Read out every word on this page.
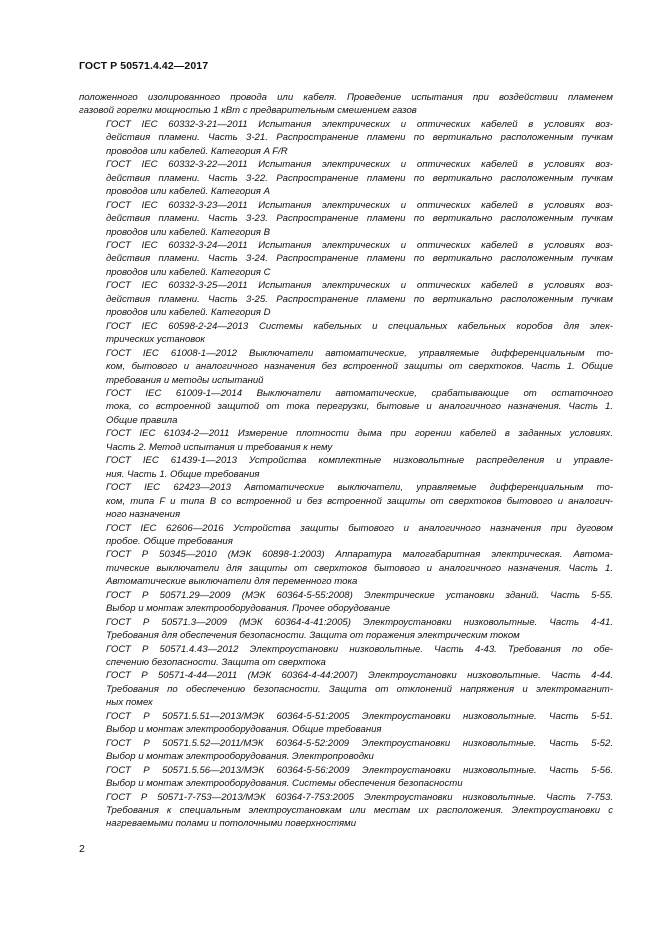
ГОСТ Р 50571.4.42—2017
положенного изолированного провода или кабеля. Проведение испытания при воздействии пламенем
газовой горелки мощностью 1 кВт с предварительным смешением газов
ГОСТ IEC 60332-3-21—2011 Испытания электрических и оптических кабелей в условиях воз-
действия пламени. Часть 3-21. Распространение пламени по вертикально расположенным пучкам
проводов или кабелей. Категория A F/R
ГОСТ IEC 60332-3-22—2011 Испытания электрических и оптических кабелей в условиях воз-
действия пламени. Часть 3-22. Распространение пламени по вертикально расположенным пучкам
проводов или кабелей. Категория А
ГОСТ IEC 60332-3-23—2011 Испытания электрических и оптических кабелей в условиях воз-
действия пламени. Часть 3-23. Распространение пламени по вертикально расположенным пучкам
проводов или кабелей. Категория В
ГОСТ IEC 60332-3-24—2011 Испытания электрических и оптических кабелей в условиях воз-
действия пламени. Часть 3-24. Распространение пламени по вертикально расположенным пучкам
проводов или кабелей. Категория С
ГОСТ IEC 60332-3-25—2011 Испытания электрических и оптических кабелей в условиях воз-
действия пламени. Часть 3-25. Распространение пламени по вертикально расположенным пучкам
проводов или кабелей. Категория D
ГОСТ IEC 60598-2-24—2013 Системы кабельных и специальных кабельных коробов для элек-
трических установок
ГОСТ IEC 61008-1—2012 Выключатели автоматические, управляемые дифференциальным то-
ком, бытового и аналогичного назначения без встроенной защиты от сверхтоков. Часть 1. Общие
требования и методы испытаний
ГОСТ IEC 61009-1—2014 Выключатели автоматические, срабатывающие от остаточного
тока, со встроенной защитой от тока перегрузки, бытовые и аналогичного назначения. Часть 1.
Общие правила
ГОСТ IEC 61034-2—2011 Измерение плотности дыма при горении кабелей в заданных условиях.
Часть 2. Метод испытания и требования к нему
ГОСТ IEC 61439-1—2013 Устройства комплектные низковольтные распределения и управле-
ния. Часть 1. Общие требования
ГОСТ IEC 62423—2013 Автоматические выключатели, управляемые дифференциальным то-
ком, типа F и типа В со встроенной и без встроенной защиты от сверхтоков бытового и аналогич-
ного назначения
ГОСТ IEC 62606—2016 Устройства защиты бытового и аналогичного назначения при дуговом
пробое. Общие требования
ГОСТ Р 50345—2010 (МЭК 60898-1:2003) Аппаратура малогабаритная электрическая. Автома-
тические выключатели для защиты от сверхтоков бытового и аналогичного назначения. Часть 1.
Автоматические выключатели для переменного тока
ГОСТ Р 50571.29—2009 (МЭК 60364-5-55:2008) Электрические установки зданий. Часть 5-55.
Выбор и монтаж электрооборудования. Прочее оборудование
ГОСТ Р 50571.3—2009 (МЭК 60364-4-41:2005) Электроустановки низковольтные. Часть 4-41.
Требования для обеспечения безопасности. Защита от поражения электрическим током
ГОСТ Р 50571.4.43—2012 Электроустановки низковольтные. Часть 4-43. Требования по обе-
спечению безопасности. Защита от сверхтока
ГОСТ Р 50571-4-44—2011 (МЭК 60364-4-44:2007) Электроустановки низковольтные. Часть 4-44.
Требования по обеспечению безопасности. Защита от отклонений напряжения и электромагнит-
ных помех
ГОСТ Р 50571.5.51—2013/МЭК 60364-5-51:2005 Электроустановки низковольтные. Часть 5-51.
Выбор и монтаж электрооборудования. Общие требования
ГОСТ Р 50571.5.52—2011/МЭК 60364-5-52:2009 Электроустановки низковольтные. Часть 5-52.
Выбор и монтаж электрооборудования. Электропроводки
ГОСТ Р 50571.5.56—2013/МЭК 60364-5-56:2009 Электроустановки низковольтные. Часть 5-56.
Выбор и монтаж электрооборудования. Системы обеспечения безопасности
ГОСТ Р 50571-7-753—2013/МЭК 60364-7-753:2005 Электроустановки низковольтные. Часть 7-753.
Требования к специальным электроустановкам или местам их расположения. Электроустановки с
нагреваемыми полами и потолочными поверхностями
2
